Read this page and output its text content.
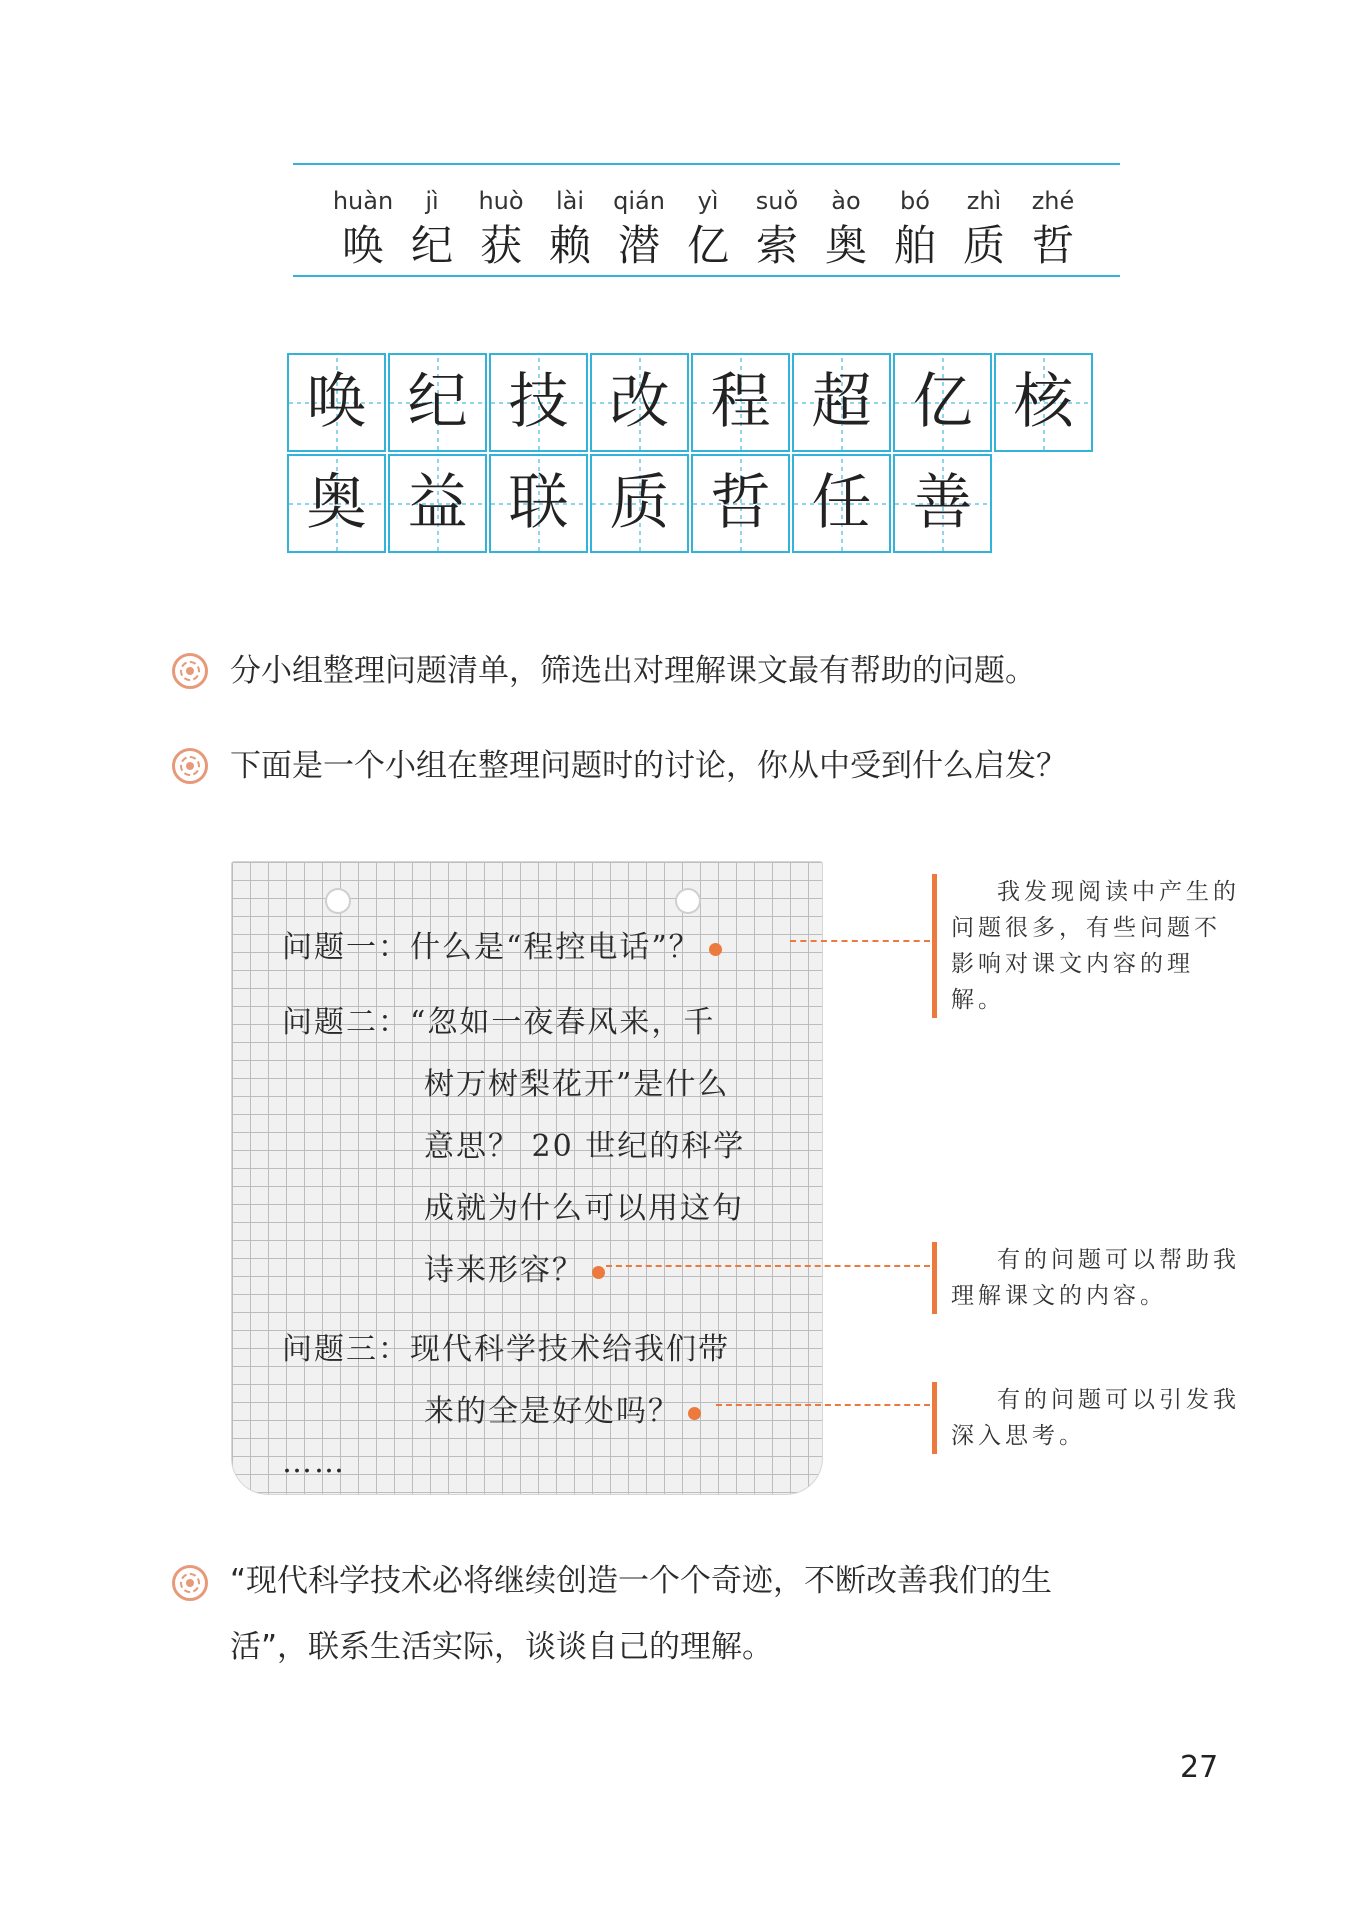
huàn
唤
jì
纪
huò
获
lài
赖
qián
潜
yì
亿
suǒ
索
ào
奥
bó
舶
zhì
质
zhé
哲
唤 纪 技 改 程 超 亿 核
奥 益 联 质 哲 任 善
分小组整理问题清单，筛选出对理解课文最有帮助的问题。
下面是一个小组在整理问题时的讨论，你从中受到什么启发？
问题一：什么是“程控电话”？
问题二：“忽如一夜春风来，千
树万树梨花开”是什么
意思？ 20 世纪的科学
成就为什么可以用这句
诗来形容？
问题三：现代科学技术给我们带
来的全是好处吗？
……
我发现阅读中产生的问题很多，有些问题不影响对课文内容的理解。
有的问题可以帮助我理解课文的内容。
有的问题可以引发我深入思考。
“现代科学技术必将继续创造一个个奇迹，不断改善我们的生
活”，联系生活实际，谈谈自己的理解。
27
